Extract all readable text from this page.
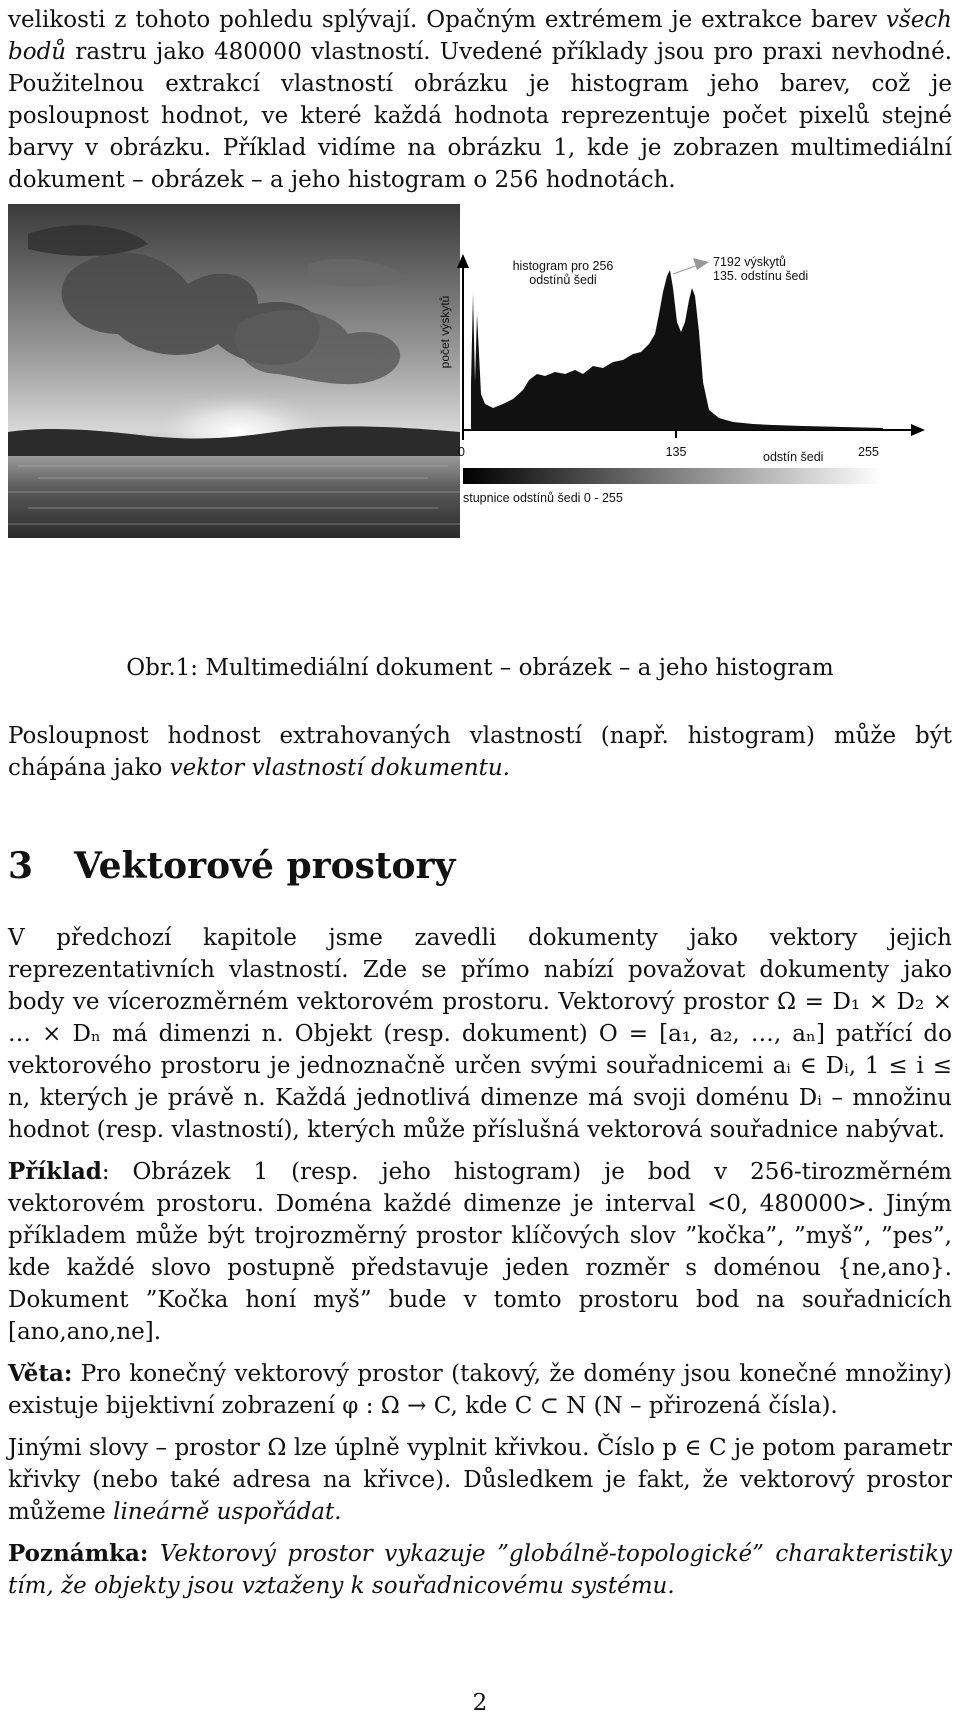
velikosti z tohoto pohledu splývají. Opačným extrémem je extrakce barev všech bodů rastru jako 480000 vlastností. Uvedené příklady jsou pro praxi nevhodné. Použitelnou extrakcí vlastností obrázku je histogram jeho barev, což je posloupnost hodnot, ve které každá hodnota reprezentuje počet pixelů stejné barvy v obrázku. Příklad vidíme na obrázku 1, kde je zobrazen multimediální dokument – obrázek – a jeho histogram o 256 hodnotách.

počet výskytů
histogram pro 256
odstínů šedi
7192 výskytů
135. odstínu šedi
0	135	odstín šedi	255
stupnice odstínů šedi 0 - 255
Obr.1: Multimediální dokument – obrázek – a jeho histogram

Posloupnost hodnost extrahovaných vlastností (např. histogram) může být chápána jako vektor vlastností dokumentu.

3 Vektorové prostory

V předchozí kapitole jsme zavedli dokumenty jako vektory jejich reprezentativních vlastností. Zde se přímo nabízí považovat dokumenty jako body ve vícerozměrném vektorovém prostoru. Vektorový prostor Ω = D₁ × D₂ × … × Dₙ má dimenzi n. Objekt (resp. dokument) O = [a₁, a₂, …, aₙ] patřící do vektorového prostoru je jednoznačně určen svými souřadnicemi aᵢ ∈ Dᵢ, 1 ≤ i ≤ n, kterých je právě n. Každá jednotlivá dimenze má svoji doménu Dᵢ – množinu hodnot (resp. vlastností), kterých může příslušná vektorová souřadnice nabývat.

Příklad: Obrázek 1 (resp. jeho histogram) je bod v 256-tirozměrném vektorovém prostoru. Doména každé dimenze je interval <0, 480000>. Jiným příkladem může být trojrozměrný prostor klíčových slov ”kočka”, ”myš”, ”pes”, kde každé slovo postupně představuje jeden rozměr s doménou {ne,ano}. Dokument ”Kočka honí myš” bude v tomto prostoru bod na souřadnicích [ano,ano,ne].

Věta: Pro konečný vektorový prostor (takový, že domény jsou konečné množiny) existuje bijektivní zobrazení φ : Ω → C, kde C ⊂ N (N – přirozená čísla).

Jinými slovy – prostor Ω lze úplně vyplnit křivkou. Číslo p ∈ C je potom parametr křivky (nebo také adresa na křivce). Důsledkem je fakt, že vektorový prostor můžeme lineárně uspořádat.

Poznámka: Vektorový prostor vykazuje ”globálně-topologické” charakteristiky tím, že objekty jsou vztaženy k souřadnicovému systému.

2
